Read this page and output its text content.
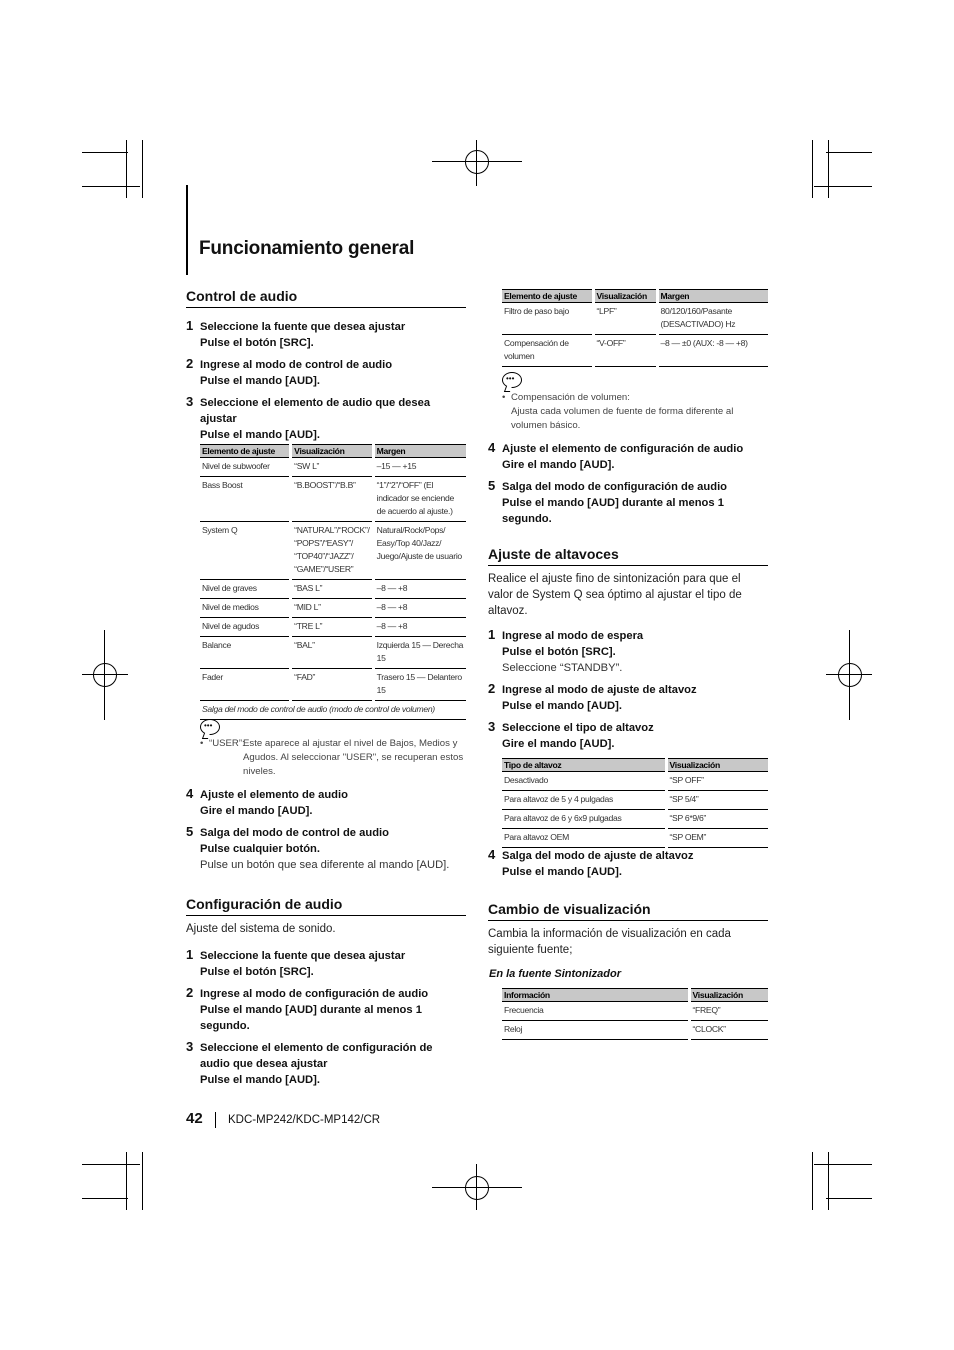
Funcionamiento general
Control de audio
1 Seleccione la fuente que desea ajustar
Pulse el botón [SRC].
2 Ingrese al modo de control de audio
Pulse el mando [AUD].
3 Seleccione el elemento de audio que desea ajustar
Pulse el mando [AUD].
Elemento de ajuste	Visualización	Margen
Nivel de subwoofer	“SW L”	–15 — +15
Bass Boost	“B.BOOST”/“B.B”	“1”/“2”/“OFF” (El indicador se enciende de acuerdo al ajuste.)
System Q	“NATURAL”/“ROCK”/ “POPS”/“EASY”/ “TOP40”/“JAZZ”/ “GAME”/“USER”	Natural/Rock/Pops/ Easy/Top 40/Jazz/ Juego/Ajuste de usuario
Nivel de graves	“BAS L”	–8 — +8
Nivel de medios	“MID L”	–8 — +8
Nivel de agudos	“TRE L”	–8 — +8
Balance	“BAL”	Izquierda 15 — Derecha 15
Fader	“FAD”	Trasero 15 — Delantero 15
Salga del modo de control de audio (modo de control de volumen)		
•••
• “USER”:
Este aparece al ajustar el nivel de Bajos, Medios y Agudos. Al seleccionar "USER", se recuperan estos niveles.
4 Ajuste el elemento de audio
Gire el mando [AUD].
5 Salga del modo de control de audio
Pulse cualquier botón.
Pulse un botón que sea diferente al mando [AUD].
Configuración de audio
Ajuste del sistema de sonido.
1 Seleccione la fuente que desea ajustar
Pulse el botón [SRC].
2 Ingrese al modo de configuración de audio
Pulse el mando [AUD] durante al menos 1 segundo.
3 Seleccione el elemento de configuración de audio que desea ajustar
Pulse el mando [AUD].
Elemento de ajuste	Visualización	Margen
Filtro de paso bajo	“LPF”	80/120/160/Pasante (DESACTIVADO) Hz
Compensación de volumen	“V-OFF”	–8 — ±0 (AUX: -8 — +8)
•••
• Compensación de volumen:
Ajusta cada volumen de fuente de forma diferente al volumen básico.
4 Ajuste el elemento de configuración de audio
Gire el mando [AUD].
5 Salga del modo de configuración de audio
Pulse el mando [AUD] durante al menos 1 segundo.
Ajuste de altavoces
Realice el ajuste fino de sintonización para que el valor de System Q sea óptimo al ajustar el tipo de altavoz.
1 Ingrese al modo de espera
Pulse el botón [SRC].
Seleccione “STANDBY”.
2 Ingrese al modo de ajuste de altavoz
Pulse el mando [AUD].
3 Seleccione el tipo de altavoz
Gire el mando [AUD].
Tipo de altavoz	Visualización
Desactivado	“SP OFF”
Para altavoz de 5 y 4 pulgadas	“SP 5/4”
Para altavoz de 6 y 6x9 pulgadas	“SP 6*9/6”
Para altavoz OEM	“SP OEM”
4 Salga del modo de ajuste de altavoz
Pulse el mando [AUD].
Cambio de visualización
Cambia la información de visualización en cada siguiente fuente;
En la fuente Sintonizador
Información	Visualización
Frecuencia	“FREQ”
Reloj	“CLOCK”
42 KDC-MP242/KDC-MP142/CR
